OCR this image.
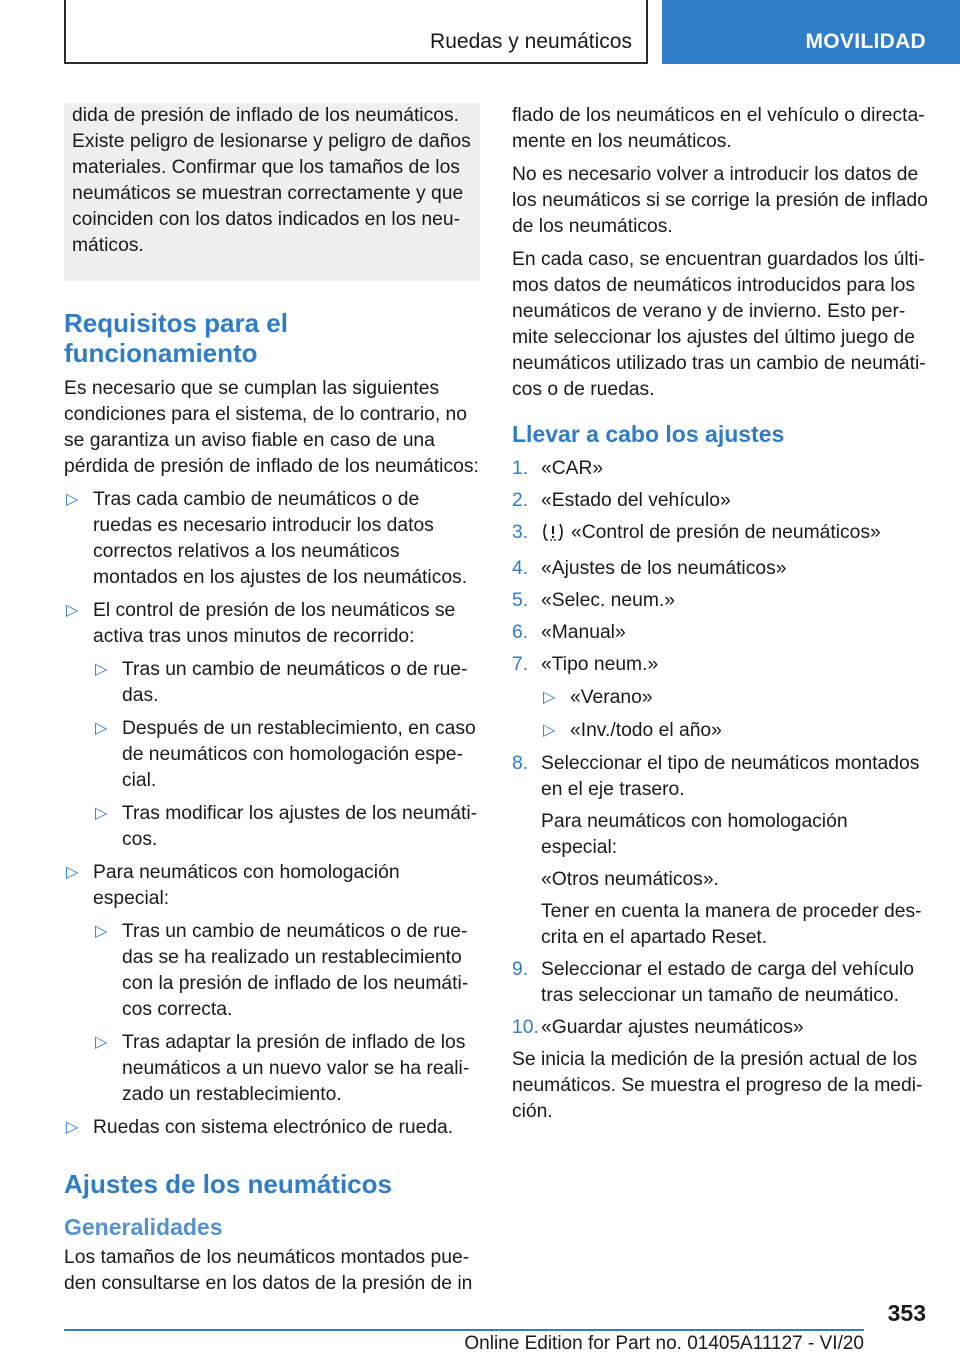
Ruedas y neumáticos	MOVILIDAD

dida de presión de inflado de los neumáticos. Existe peligro de lesionarse y peligro de daños materiales. Confirmar que los tamaños de los neumáticos se muestran correctamente y que coinciden con los datos indicados en los neumáticos.

Requisitos para el funcionamiento

Es necesario que se cumplan las siguientes condiciones para el sistema, de lo contrario, no se garantiza un aviso fiable en caso de una pérdida de presión de inflado de los neumáticos:

▷ Tras cada cambio de neumáticos o de ruedas es necesario introducir los datos correctos relativos a los neumáticos montados en los ajustes de los neumáticos.
▷ El control de presión de los neumáticos se activa tras unos minutos de recorrido:
▷ Tras un cambio de neumáticos o de ruedas.
▷ Después de un restablecimiento, en caso de neumáticos con homologación especial.
▷ Tras modificar los ajustes de los neumáticos.
▷ Para neumáticos con homologación especial:
▷ Tras un cambio de neumáticos o de ruedas se ha realizado un restablecimiento con la presión de inflado de los neumáticos correcta.
▷ Tras adaptar la presión de inflado de los neumáticos a un nuevo valor se ha realizado un restablecimiento.
▷ Ruedas con sistema electrónico de rueda.
Ajustes de los neumáticos
Generalidades

Los tamaños de los neumáticos montados pueden consultarse en los datos de la presión de in

flado de los neumáticos en el vehículo o directamente en los neumáticos.

No es necesario volver a introducir los datos de los neumáticos si se corrige la presión de inflado de los neumáticos.

En cada caso, se encuentran guardados los últimos datos de neumáticos introducidos para los neumáticos de verano y de invierno. Esto permite seleccionar los ajustes del último juego de neumáticos utilizado tras un cambio de neumáticos o de ruedas.

Llevar a cabo los ajustes
1. «CAR»
2. «Estado del vehículo»
3. «Control de presión de neumáticos»
4. «Ajustes de los neumáticos»
5. «Selec. neum.»
6. «Manual»
7. «Tipo neum.»
▷ «Verano»
▷ «Inv./todo el año»
8. Seleccionar el tipo de neumáticos montados en el eje trasero.

Para neumáticos con homologación especial:

«Otros neumáticos».

Tener en cuenta la manera de proceder descrita en el apartado Reset.

9. Seleccionar el estado de carga del vehículo tras seleccionar un tamaño de neumático.
10. «Guardar ajustes neumáticos»

Se inicia la medición de la presión actual de los neumáticos. Se muestra el progreso de la medición.

353
Online Edition for Part no. 01405A11127 - VI/20
